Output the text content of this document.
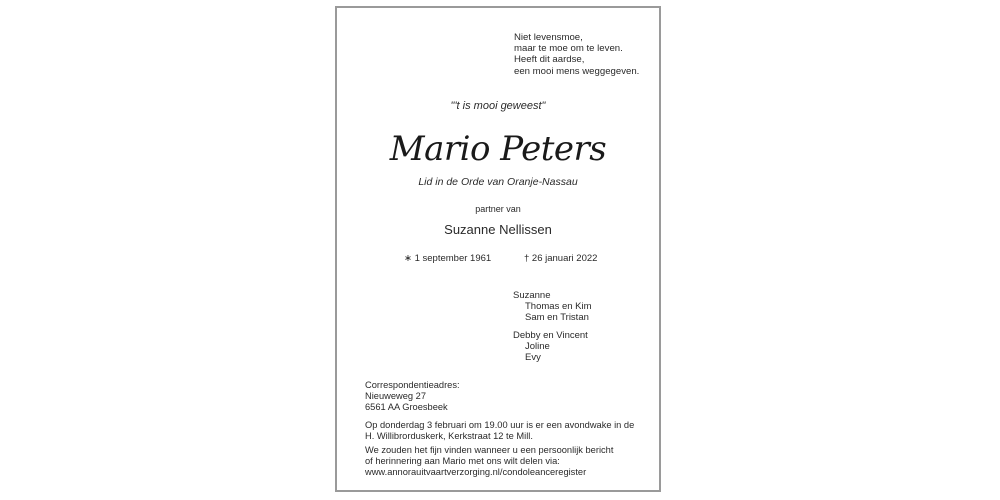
Niet levensmoe,
maar te moe om te leven.
Heeft dit aardse,
een mooi mens weggegeven.
"'t is mooi geweest"
Mario Peters
Lid in de Orde van Oranje-Nassau
partner van
Suzanne Nellissen
∗ 1 september 1961	† 26 januari 2022
Suzanne
Thomas en Kim
Sam en Tristan
Debby en Vincent
Joline
Evy
Correspondentieadres:
Nieuweweg 27
6561 AA Groesbeek
Op donderdag 3 februari om 19.00 uur is er een avondwake in de
H. Willibrorduskerk, Kerkstraat 12 te Mill.
We zouden het fijn vinden wanneer u een persoonlijk bericht
of herinnering aan Mario met ons wilt delen via:
www.annorauitvaartverzorging.nl/condoleanceregister
